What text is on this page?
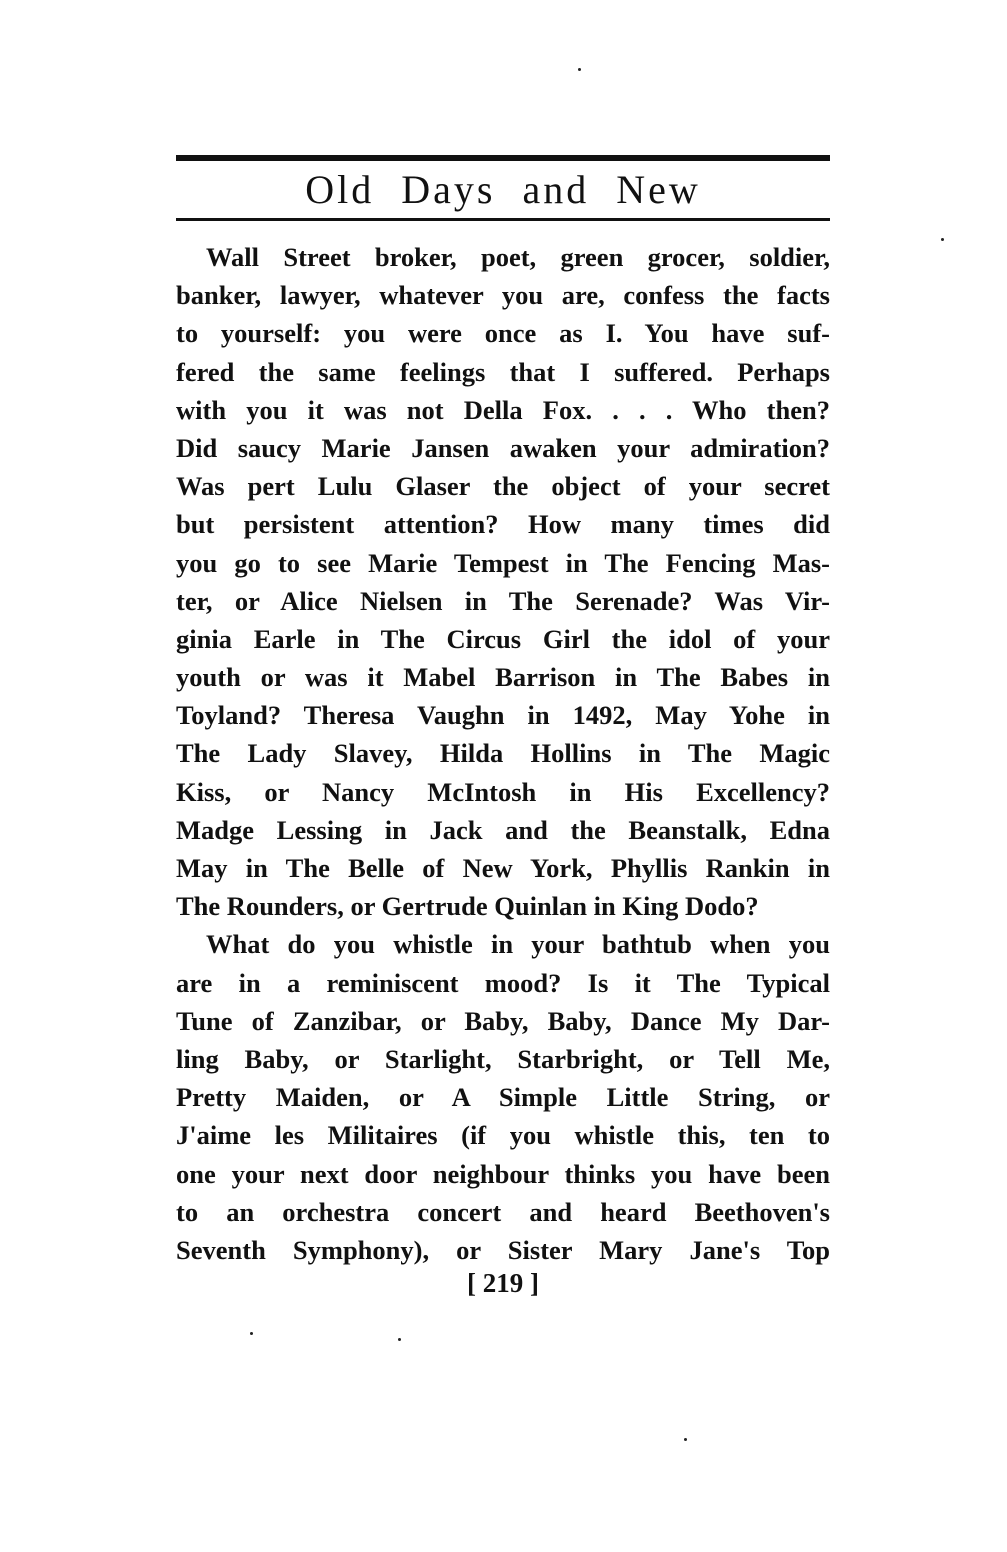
Old Days and New
Wall Street broker, poet, green grocer, soldier,
banker, lawyer, whatever you are, confess the facts
to yourself: you were once as I. You have suf-
fered the same feelings that I suffered. Perhaps
with you it was not Della Fox. . . . Who then?
Did saucy Marie Jansen awaken your admiration?
Was pert Lulu Glaser the object of your secret
but persistent attention? How many times did
you go to see Marie Tempest in The Fencing Mas-
ter, or Alice Nielsen in The Serenade? Was Vir-
ginia Earle in The Circus Girl the idol of your
youth or was it Mabel Barrison in The Babes in
Toyland? Theresa Vaughn in 1492, May Yohe in
The Lady Slavey, Hilda Hollins in The Magic
Kiss, or Nancy McIntosh in His Excellency?
Madge Lessing in Jack and the Beanstalk, Edna
May in The Belle of New York, Phyllis Rankin in
The Rounders, or Gertrude Quinlan in King Dodo?
What do you whistle in your bathtub when you
are in a reminiscent mood? Is it The Typical
Tune of Zanzibar, or Baby, Baby, Dance My Dar-
ling Baby, or Starlight, Starbright, or Tell Me,
Pretty Maiden, or A Simple Little String, or
J'aime les Militaires (if you whistle this, ten to
one your next door neighbour thinks you have been
to an orchestra concert and heard Beethoven's
Seventh Symphony), or Sister Mary Jane's Top
[ 219 ]
